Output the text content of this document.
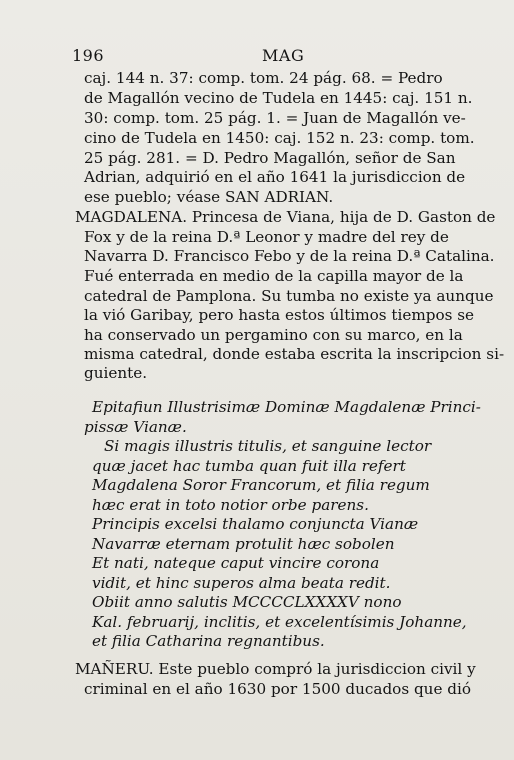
196	MAG
caj. 144 n. 37: comp. tom. 24 pág. 68. = Pedro
de Magallón vecino de Tudela en 1445: caj. 151 n.
30: comp. tom. 25 pág. 1. = Juan de Magallón ve-
cino de Tudela en 1450: caj. 152 n. 23: comp. tom.
25 pág. 281. = D. Pedro Magallón, señor de San
Adrian, adquirió en el año 1641 la jurisdiccion de
ese pueblo; véase SAN ADRIAN.
MAGDALENA. Princesa de Viana, hija de D. Gaston de
Fox y de la reina D.ª Leonor y madre del rey de
Navarra D. Francisco Febo y de la reina D.ª Catalina.
Fué enterrada en medio de la capilla mayor de la
catedral de Pamplona. Su tumba no existe ya aunque
la vió Garibay, pero hasta estos últimos tiempos se
ha conservado un pergamino con su marco, en la
misma catedral, donde estaba escrita la inscripcion si-
guiente.
Epitafiun Illustrisimæ Dominæ Magdalenæ Princi-
pissæ Vianæ.
Si magis illustris titulis, et sanguine lector
quæ jacet hac tumba quan fuit illa refert
Magdalena Soror Francorum, et filia regum
hæc erat in toto notior orbe parens.
Principis excelsi thalamo conjuncta Vianæ
Navarræ eternam protulit hæc sobolen
Et nati, nateque caput vincire corona
vidit, et hinc superos alma beata redit.
Obiit anno salutis MCCCCLXXXXV nono
Kal. februarij, inclitis, et excelentísimis Johanne,
et filia Catharina regnantibus.
MAÑERU. Este pueblo compró la jurisdiccion civil y
criminal en el año 1630 por 1500 ducados que dió
